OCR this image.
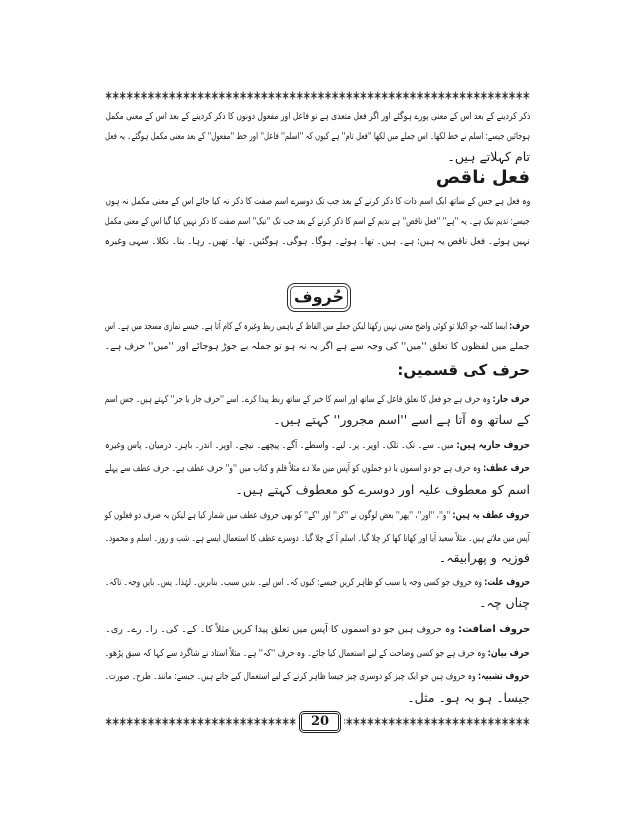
ذکر کردینے کے بعد اس کے معنی پورے ہوگئے اور اگر فعل متعدی ہے تو فاعل اور مفعول دونوں کا ذکر کردینے کے بعد اس کے معنی مکمل
ہوجائیں جیسے: اسلم نے خط لکھا۔ اس جملے میں لکھا ''فعل تام'' ہے کیوں کہ ''اسلم'' فاعل'' اور خط ''مفعول'' کے بعد معنی مکمل ہوگئے۔ یہ فعل
تام کہلاتے ہیں۔
فعل ناقص
وہ فعل ہے جس کے ساتھ ایک اسم ذات کا ذکر کرنے کے بعد جب تک دوسرے اسم صفت کا ذکر نہ کیا جائے اس کے معنی مکمل نہ ہوں
جیسے: ندیم نیک ہے۔ یہ ''ہے'' ''فعل ناقص'' ہے ندیم کے اسم کا ذکر کرنے کے بعد جب تک ''نیک'' اسم صفت کا ذکر نہیں کیا گیا اس کے معنی مکمل
نہیں ہوئے۔ فعل ناقص یہ ہیں: ہے۔ ہیں۔ تھا۔ ہوئے۔ ہوگا۔ ہوگی۔ ہوگئیں۔ تھا۔ تھیں۔ رہا۔ بنا۔ نکلا۔ سہی وغیرہ
حُروف
حرف: ایسا کلمہ جو اکیلا تو کوئی واضح معنی نہیں رکھتا لیکن جملے میں الفاظ کے باہمی ربط وغیرہ کے کام آتا ہے۔ جیسے نمازی مسجد میں ہے۔ اس
جملے میں لفظوں کا تعلق ''میں'' کی وجہ سے ہے اگر یہ نہ ہو تو جملہ بے جوڑ ہوجائے اور ''میں'' حرف ہے۔
حرف کی قسمیں:
حرف جار: وہ حرف ہے جو فعل کا تعلق فاعل کے ساتھ اور اسم کا خبر کے ساتھ ربط پیدا کرے۔ اسے ''حرف جار یا جر'' کہتے ہیں۔ جس اسم
کے ساتھ وہ آتا ہے اسے ''اسم مجرور'' کہتے ہیں۔
حروف جاریہ ہیں: میں۔ سے۔ تک۔ تلک۔ اوپر۔ پر۔ لیے۔ واسطے۔ آگے۔ پیچھے۔ نیچے۔ اوپر۔ اندر۔ باہر۔ درمیان۔ پاس وغیرہ
حرف عطف: وہ حرف ہے جو دو اسموں یا دو جملوں کو آپس میں ملا دے مثلاً قلم و کتاب میں ''و'' حرف عطف ہے۔ حرف عطف سے پہلے
اسم کو معطوف علیہ اور دوسرے کو معطوف کہتے ہیں۔
حروف عطف یہ ہیں: ''و''، ''اور''، ''پھر'' بعض لوگوں نے ''کر'' اور ''کے'' کو بھی حروف عطف میں شمار کیا ہے لیکن یہ صرف دو فعلوں کو
آپس میں ملاتے ہیں۔ مثلاً سعید آیا اور کھانا کھا کر چلا گیا۔ اسلم آ کے چلا گیا۔ دوسرے عطف کا استعمال ایسے ہے۔ شب و روز۔ اسلم و محمود۔
فوزیہ و پھرابیقہ۔
حروف علت: وہ حروف جو کسی وجہ یا سبب کو ظاہر کریں جیسے: کیوں کہ۔ اس لیے۔ بدیں سبب۔ بنابریں۔ لہٰذا۔ پس۔ بایں وجہ۔ تاکہ۔
چناں چہ۔
حروف اضافت: وہ حروف ہیں جو دو اسموں کا آپس میں تعلق پیدا کریں مثلاً کا۔ کے۔ کی۔ را۔ رے۔ ری۔
حرف بیان: وہ حرف ہے جو کسی وضاحت کے لیے استعمال کیا جائے۔ وہ حرف ''کہ'' ہے۔ مثلاً استاد نے شاگرد سے کہا کہ سبق پڑھو۔
حروف تشبیہ: وہ حروف ہیں جو ایک چیز کو دوسری چیز جیسا ظاہر کرنے کے لیے استعمال کیے جاتے ہیں۔ جیسے: مانند۔ طرح۔ صورت۔
جیسا۔ ہو بہ ہو۔ مثل۔
20
